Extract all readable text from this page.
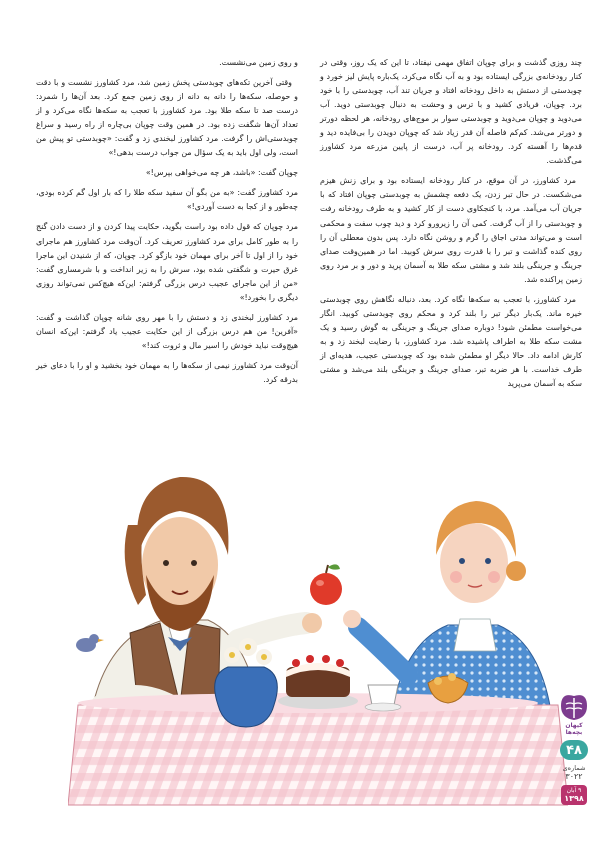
چند روزی گذشت و برای چوپان اتفاق مهمی نیفتاد، تا این که یک روز، وقتی در کنار رودخانه‌ی بزرگی ایستاده بود و به آب نگاه می‌کرد، یک‌باره پایش لیز خورد و چوبدستی از دستش به داخل رودخانه افتاد و جریان تند آب، چوبدستی را با خود برد. چوپان، فریادی کشید و با ترس و وحشت به دنبال چوبدستی دوید. آب می‌دوید و چوپان می‌دوید و چوبدستی سوار بر موج‌های رودخانه، هر لحظه دورتر و دورتر می‌شد. کم‌کم فاصله آن قدر زیاد شد که چوپان دویدن را بی‌فایده دید و قدم‌ها را آهسته کرد. رودخانه پر آب، درست از پایین مزرعه مرد کشاورز می‌گذشت.

مرد کشاورز، در آن موقع، در کنار رودخانه ایستاده بود و برای زنش هیزم می‌شکست. در حال تبر زدن، یک دفعه چشمش به چوبدستی چوپان افتاد که با جریان آب می‌آمد. مرد، با کنجکاوی دست از کار کشید و به طرف رودخانه رفت و چوبدستی را از آب گرفت. کمی آن را زیرورو کرد و دید چوب سفت و محکمی است و می‌تواند مدتی اجاق را گرم و روشن نگاه دارد. پس بدون معطلی آن را روی کنده گذاشت و تبر را با قدرت روی سرش کوبید. اما در همین‌وقت صدای جرینگ و جرینگی بلند شد و مشتی سکه طلا به آسمان پرید و دور و بر مرد روی زمین پراکنده شد.

مرد کشاورز، با تعجب به سکه‌ها نگاه کرد. بعد، دنباله نگاهش روی چوبدستی خیره ماند. یک‌بار دیگر تبر را بلند کرد و محکم روی چوبدستی کوبید. انگار می‌خواست مطمئن شود! دوباره صدای جرینگ و جرینگی به گوش رسید و یک مشت سکه طلا به اطراف پاشیده شد. مرد کشاورز، با رضایت لبخند زد و به کارش ادامه داد. حالا دیگر او مطمئن شده بود که چوبدستی عجیب، هدیه‌ای از طرف خداست. با هر ضربه تبر، صدای جرینگ و جرینگی بلند می‌شد و مشتی سکه به آسمان می‌پرید

و روی زمین می‌نشست.

وقتی آخرین تکه‌های چوبدستی پخش زمین شد، مرد کشاورز نشست و با دقت و حوصله، سکه‌ها را دانه به دانه از روی زمین جمع کرد. بعد آن‌ها را شمرد: درست صد تا سکه طلا بود. مرد کشاورز با تعجب به سکه‌ها نگاه می‌کرد و از تعداد آن‌ها شگفت زده بود. در همین وقت چوپان بی‌چاره از راه رسید و سراغ چوبدستی‌اش را گرفت. مرد کشاورز لبخندی زد و گفت: «چوبدستی تو پیش من است، ولی اول باید به یک سؤال من جواب درست بدهی!»

چوپان گفت: «باشد، هر چه می‌خواهی بپرس!»

مرد کشاورز گفت: «به من بگو آن سفید سکه طلا را که بار اول گم کرده بودی، چه‌طور و از کجا به دست آوردی!»

مرد چوپان که قول داده بود راست بگوید، حکایت پیدا کردن و از دست دادن گنج را به طور کامل برای مرد کشاورز تعریف کرد. آن‌وقت مرد کشاورز هم ماجرای خود را از اول تا آخر برای مهمان خود بازگو کرد. چوپان، که از شنیدن این ماجرا غرق حیرت و شگفتی شده بود، سرش را به زیر انداخت و با شرمساری گفت: «من از این ماجرای عجیب درس بزرگی گرفتم: این‌که هیچ‌کس نمی‌تواند روزی دیگری را بخورد!»

مرد کشاورز لبخندی زد و دستش را با مهر روی شانه چوپان گذاشت و گفت: «آفرین! من هم درس بزرگی از این حکایت عجیب یاد گرفتم: این‌که انسان هیچ‌وقت نباید خودش را اسیر مال و ثروت کند!»

آن‌وقت مرد کشاورز نیمی از سکه‌ها را به مهمان خود بخشید و او را با دعای خیر بدرقه کرد.

کیهان
بچه‌ها
۴۸
شماره‌ی
۳۰۲۲
۹ آبان
۱۳۹۸
